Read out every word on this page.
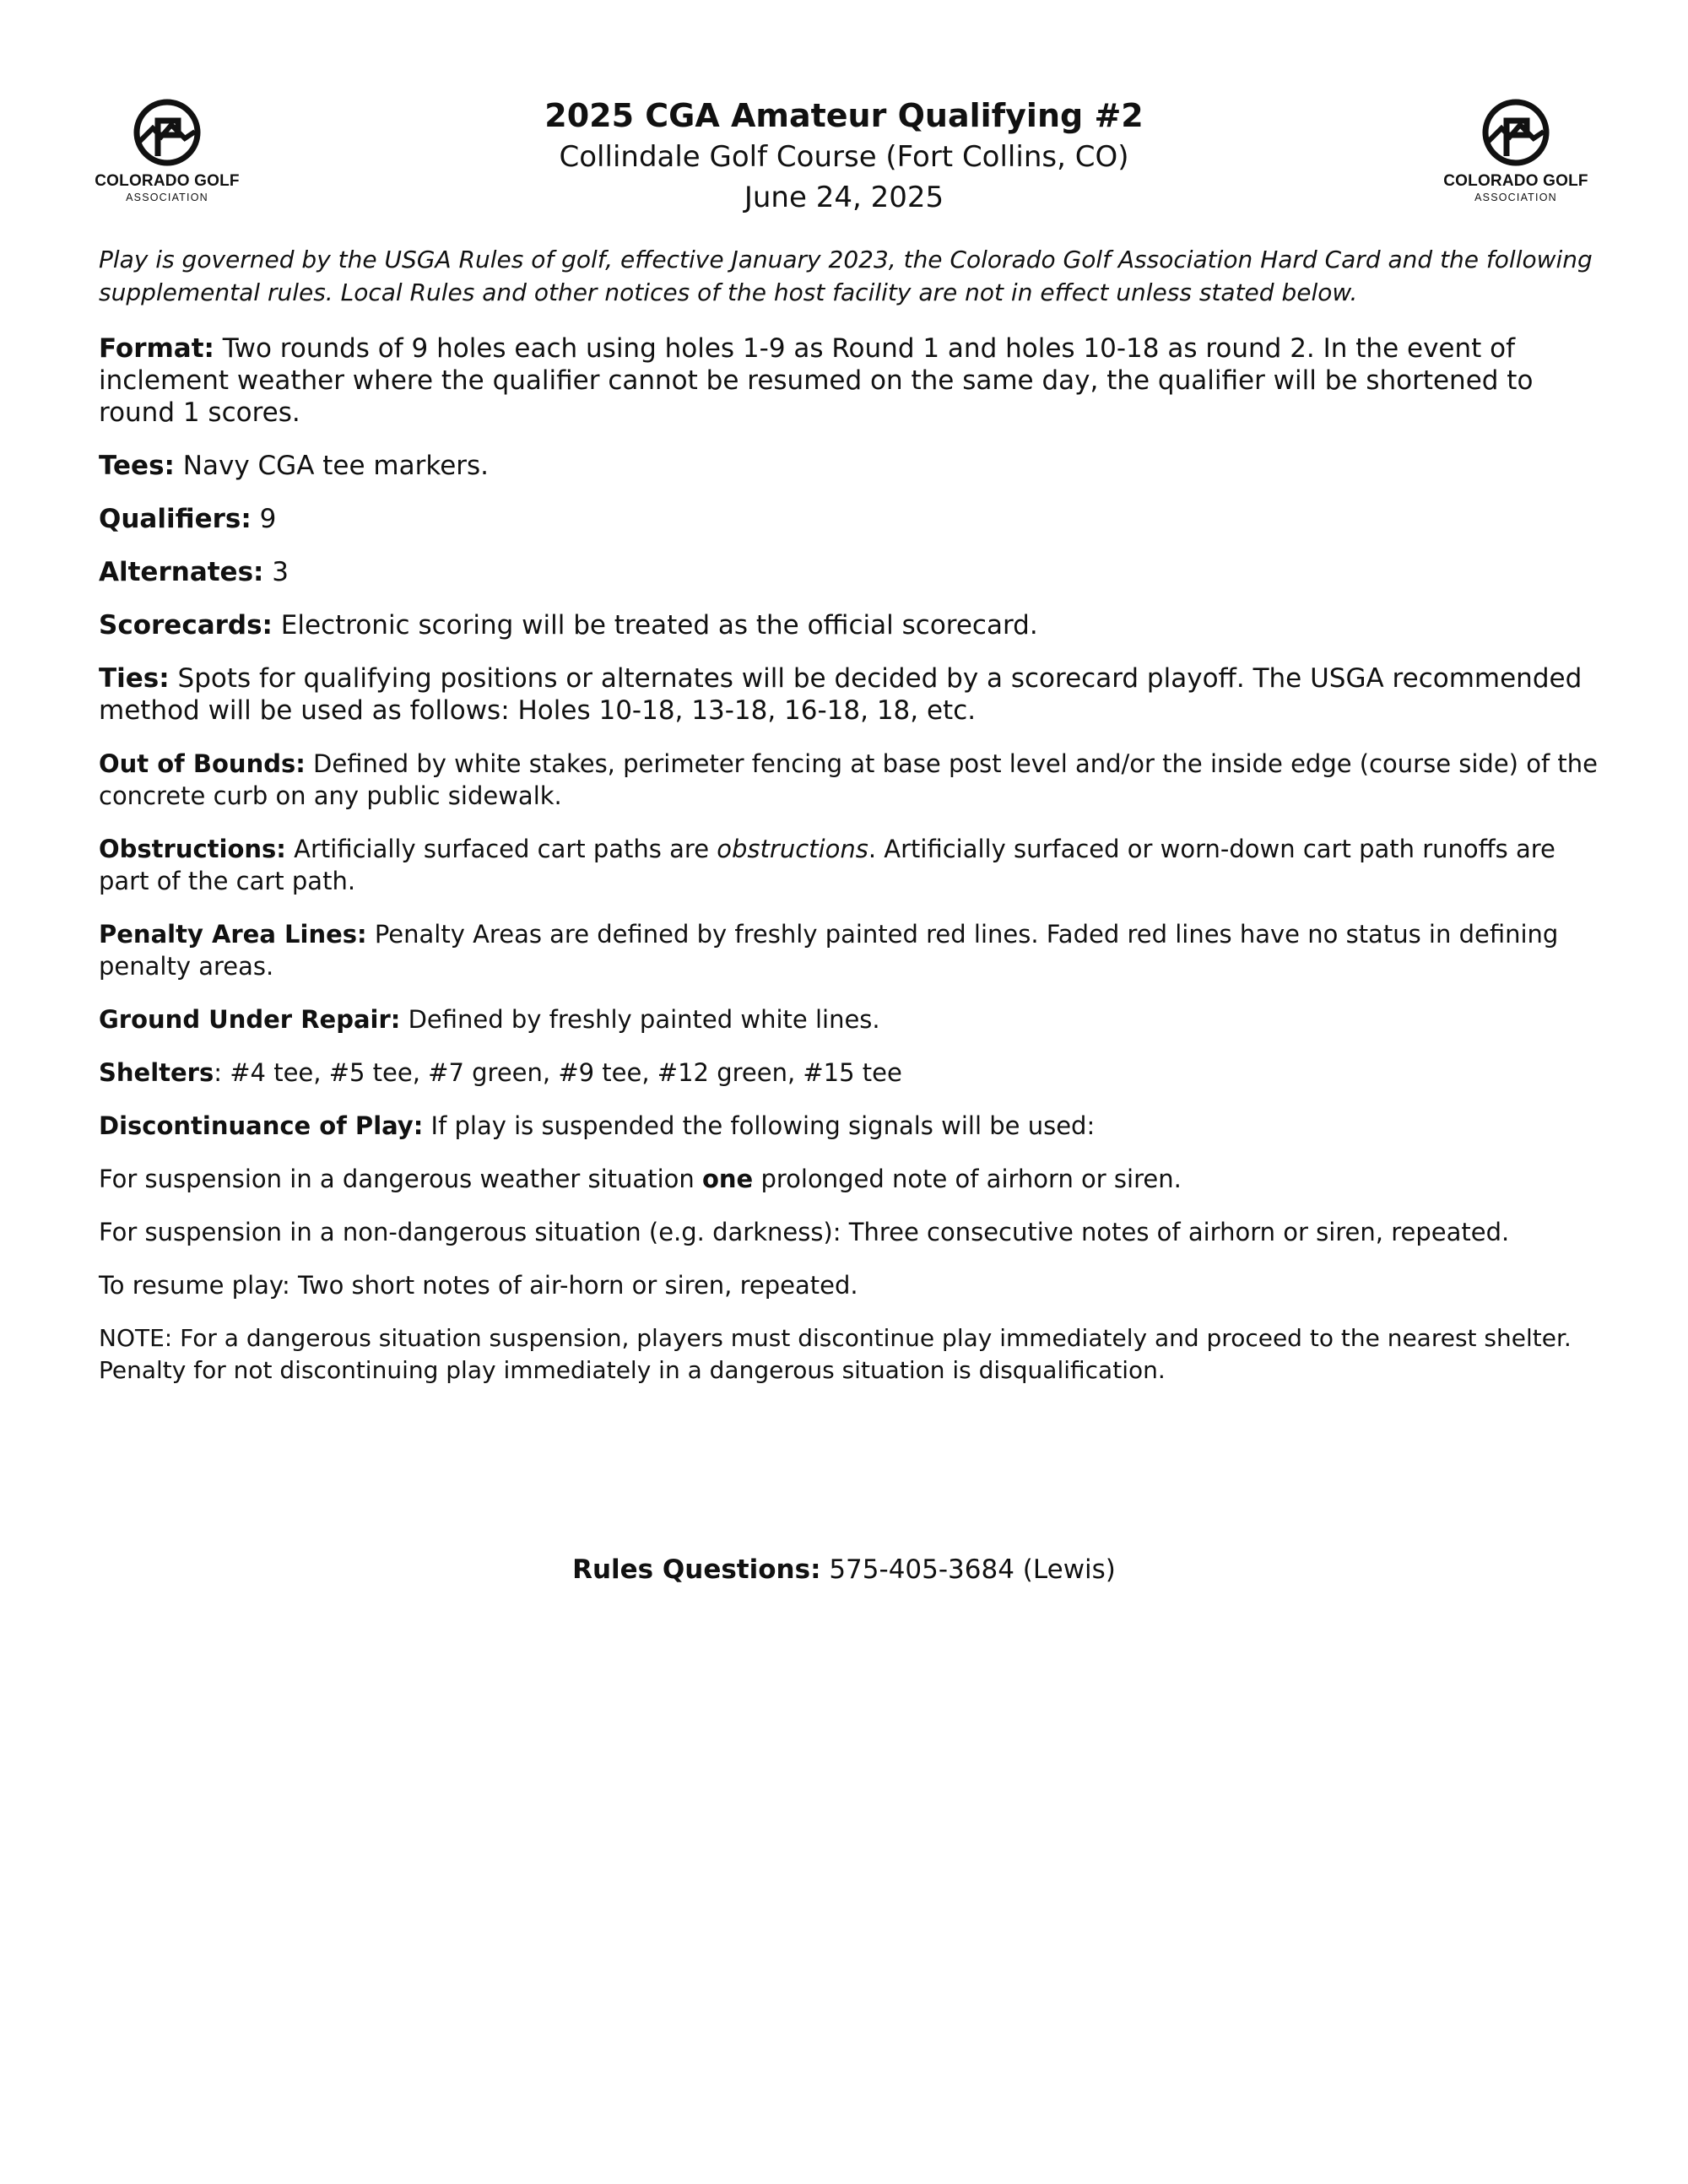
COLORADO GOLF
ASSOCIATION
COLORADO GOLF
ASSOCIATION
2025 CGA Amateur Qualifying #2
Collindale Golf Course (Fort Collins, CO)
June 24, 2025

Play is governed by the USGA Rules of golf, effective January 2023, the Colorado Golf Association Hard Card and the following supplemental rules. Local Rules and other notices of the host facility are not in effect unless stated below.

Format: Two rounds of 9 holes each using holes 1-9 as Round 1 and holes 10-18 as round 2. In the event of inclement weather where the qualifier cannot be resumed on the same day, the qualifier will be shortened to round 1 scores.

Tees: Navy CGA tee markers.

Qualifiers: 9

Alternates: 3

Scorecards: Electronic scoring will be treated as the official scorecard.

Ties: Spots for qualifying positions or alternates will be decided by a scorecard playoff. The USGA recommended method will be used as follows: Holes 10-18, 13-18, 16-18, 18, etc.

Out of Bounds: Defined by white stakes, perimeter fencing at base post level and/or the inside edge (course side) of the concrete curb on any public sidewalk.

Obstructions: Artificially surfaced cart paths are obstructions. Artificially surfaced or worn-down cart path runoffs are part of the cart path.

Penalty Area Lines: Penalty Areas are defined by freshly painted red lines. Faded red lines have no status in defining penalty areas.

Ground Under Repair: Defined by freshly painted white lines.

Shelters: #4 tee, #5 tee, #7 green, #9 tee, #12 green, #15 tee

Discontinuance of Play: If play is suspended the following signals will be used:

For suspension in a dangerous weather situation one prolonged note of airhorn or siren.

For suspension in a non-dangerous situation (e.g. darkness): Three consecutive notes of airhorn or siren, repeated.

To resume play: Two short notes of air-horn or siren, repeated.

NOTE: For a dangerous situation suspension, players must discontinue play immediately and proceed to the nearest shelter. Penalty for not discontinuing play immediately in a dangerous situation is disqualification.

Rules Questions: 575-405-3684 (Lewis)
